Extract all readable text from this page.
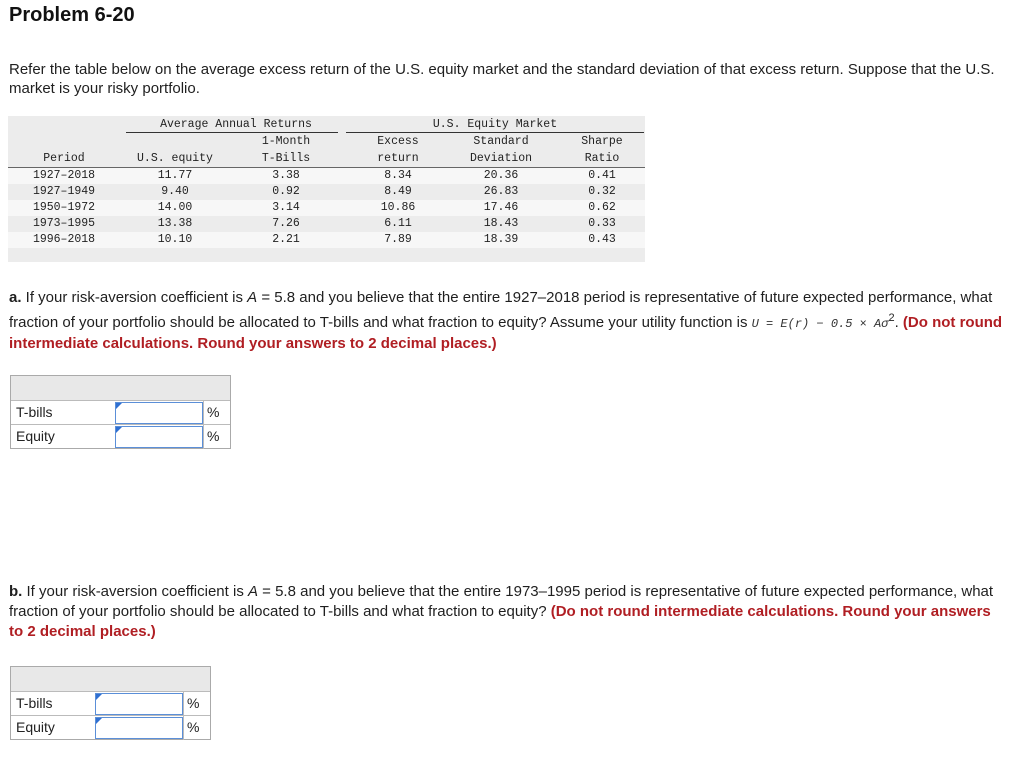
Problem 6-20
Refer the table below on the average excess return of the U.S. equity market and the standard deviation of that excess return. Suppose that the U.S. market is your risky portfolio.
Average Annual Returns	U.S. Equity Market
1-Month	Excess	Standard	Sharpe
Period	U.S. equity	T-Bills	return	Deviation	Ratio
1927–2018	11.77	3.38	8.34	20.36	0.41
1927–1949	9.40	0.92	8.49	26.83	0.32
1950–1972	14.00	3.14	10.86	17.46	0.62
1973–1995	13.38	7.26	6.11	18.43	0.33
1996–2018	10.10	2.21	7.89	18.39	0.43
a. If your risk-aversion coefficient is A = 5.8 and you believe that the entire 1927–2018 period is representative of future expected performance, what fraction of your portfolio should be allocated to T-bills and what fraction to equity? Assume your utility function is $U = E(r) - 0.5 \times A\sigma^2$. (Do not round intermediate calculations. Round your answers to 2 decimal places.)
T-bills	%
Equity	%
b. If your risk-aversion coefficient is A = 5.8 and you believe that the entire 1973–1995 period is representative of future expected performance, what fraction of your portfolio should be allocated to T-bills and what fraction to equity? (Do not round intermediate calculations. Round your answers to 2 decimal places.)
T-bills	%
Equity	%
